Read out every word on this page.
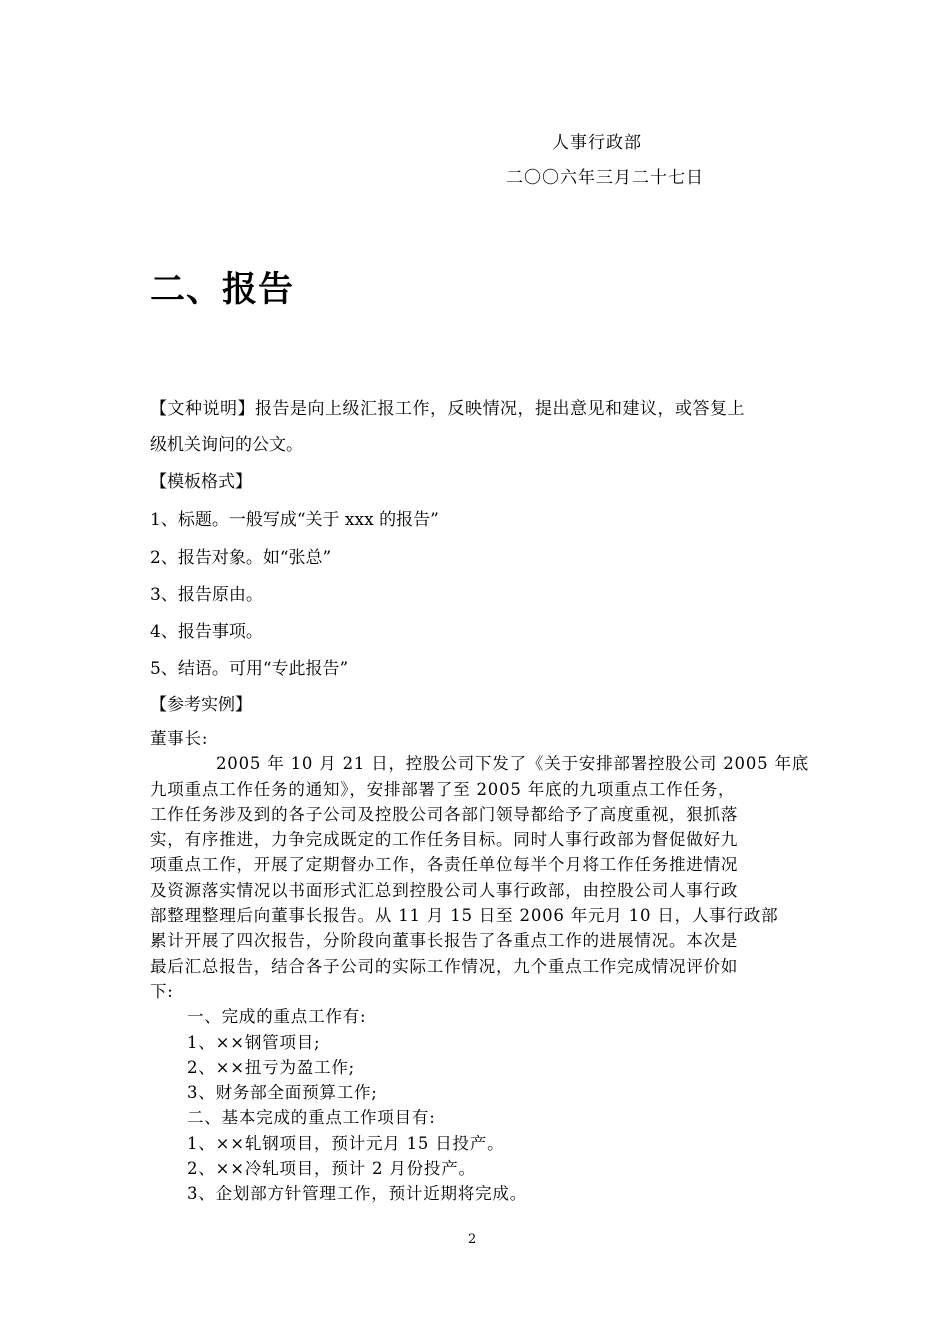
人事行政部
二〇〇六年三月二十七日
二、报告
【文种说明】报告是向上级汇报工作，反映情况，提出意见和建议，或答复上
级机关询问的公文。
【模板格式】
1、标题。一般写成“关于 xxx 的报告”
2、报告对象。如“张总”
3、报告原由。
4、报告事项。
5、结语。可用“专此报告”
【参考实例】
董事长:
2005 年 10 月 21 日，控股公司下发了《关于安排部署控股公司 2005 年底
九项重点工作任务的通知》，安排部署了至 2005 年底的九项重点工作任务，
工作任务涉及到的各子公司及控股公司各部门领导都给予了高度重视，狠抓落
实，有序推进，力争完成既定的工作任务目标。同时人事行政部为督促做好九
项重点工作，开展了定期督办工作，各责任单位每半个月将工作任务推进情况
及资源落实情况以书面形式汇总到控股公司人事行政部，由控股公司人事行政
部整理整理后向董事长报告。从 11 月 15 日至 2006 年元月 10 日，人事行政部
累计开展了四次报告，分阶段向董事长报告了各重点工作的进展情况。本次是
最后汇总报告，结合各子公司的实际工作情况，九个重点工作完成情况评价如
下:
一、完成的重点工作有:
1、××钢管项目;
2、××扭亏为盈工作;
3、财务部全面预算工作;
二、基本完成的重点工作项目有:
1、××轧钢项目，预计元月 15 日投产。
2、××冷轧项目，预计 2 月份投产。
3、企划部方针管理工作，预计近期将完成。
2
